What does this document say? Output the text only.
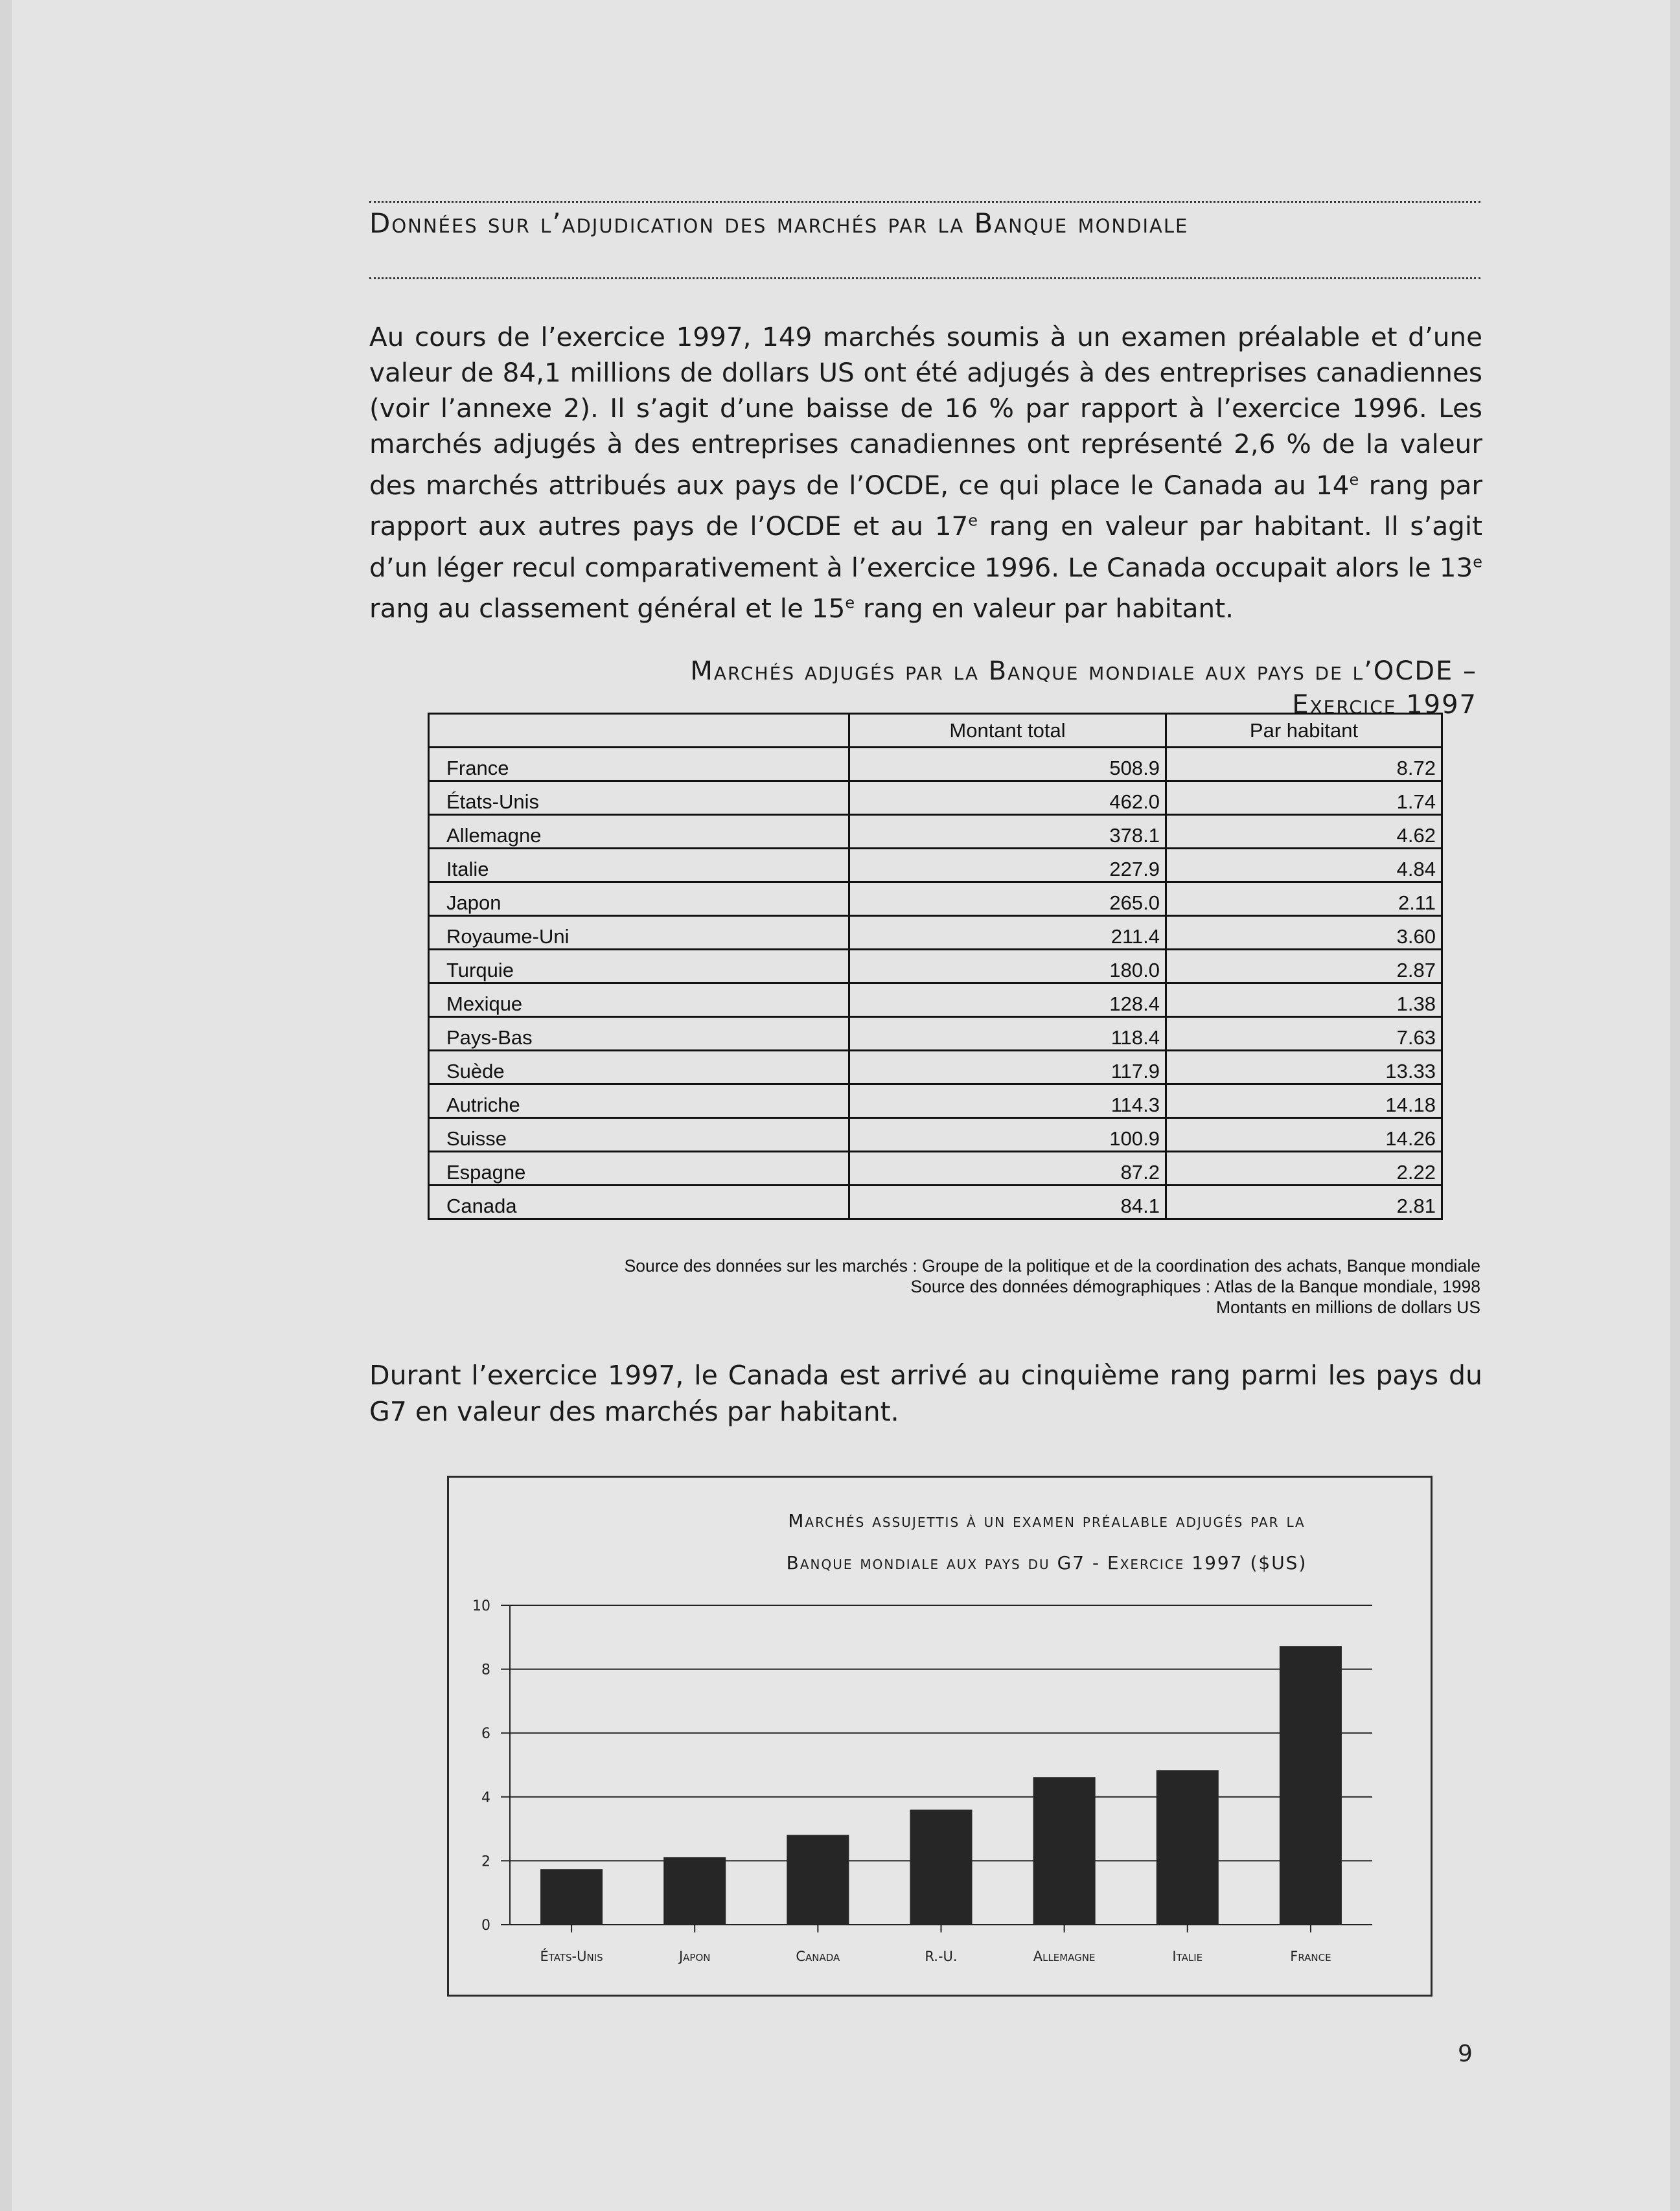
Données sur l’adjudication des marchés par la Banque mondiale
Au cours de l’exercice 1997, 149 marchés soumis à un examen préalable et d’une valeur de 84,1 millions de dollars US ont été adjugés à des entreprises canadiennes (voir l’annexe 2). Il s’agit d’une baisse de 16 % par rapport à l’exercice 1996. Les marchés adjugés à des entreprises canadiennes ont représenté 2,6 % de la valeur des marchés attribués aux pays de l’OCDE, ce qui place le Canada au 14e rang par rapport aux autres pays de l’OCDE et au 17e rang en valeur par habitant. Il s’agit d’un léger recul comparativement à l’exercice 1996. Le Canada occupait alors le 13e rang au classement général et le 15e rang en valeur par habitant.
Marchés adjugés par la Banque mondiale aux pays de l’OCDE –
Exercice 1997
	Montant total	Par habitant
France	508.9	8.72
États-Unis	462.0	1.74
Allemagne	378.1	4.62
Italie	227.9	4.84
Japon	265.0	2.11
Royaume-Uni	211.4	3.60
Turquie	180.0	2.87
Mexique	128.4	1.38
Pays-Bas	118.4	7.63
Suède	117.9	13.33
Autriche	114.3	14.18
Suisse	100.9	14.26
Espagne	87.2	2.22
Canada	84.1	2.81
Source des données sur les marchés : Groupe de la politique et de la coordination des achats, Banque mondiale
Source des données démographiques : Atlas de la Banque mondiale, 1998
Montants en millions de dollars US
Durant l’exercice 1997, le Canada est arrivé au cinquième rang parmi les pays du G7 en valeur des marchés par habitant.
Marchés assujettis à un examen préalable adjugés par la
Banque mondiale aux pays du G7 - Exercice 1997 ($US)
0
2
4
6
8
10
États-Unis	Japon	Canada	R.-U.	Allemagne	Italie	France
9
